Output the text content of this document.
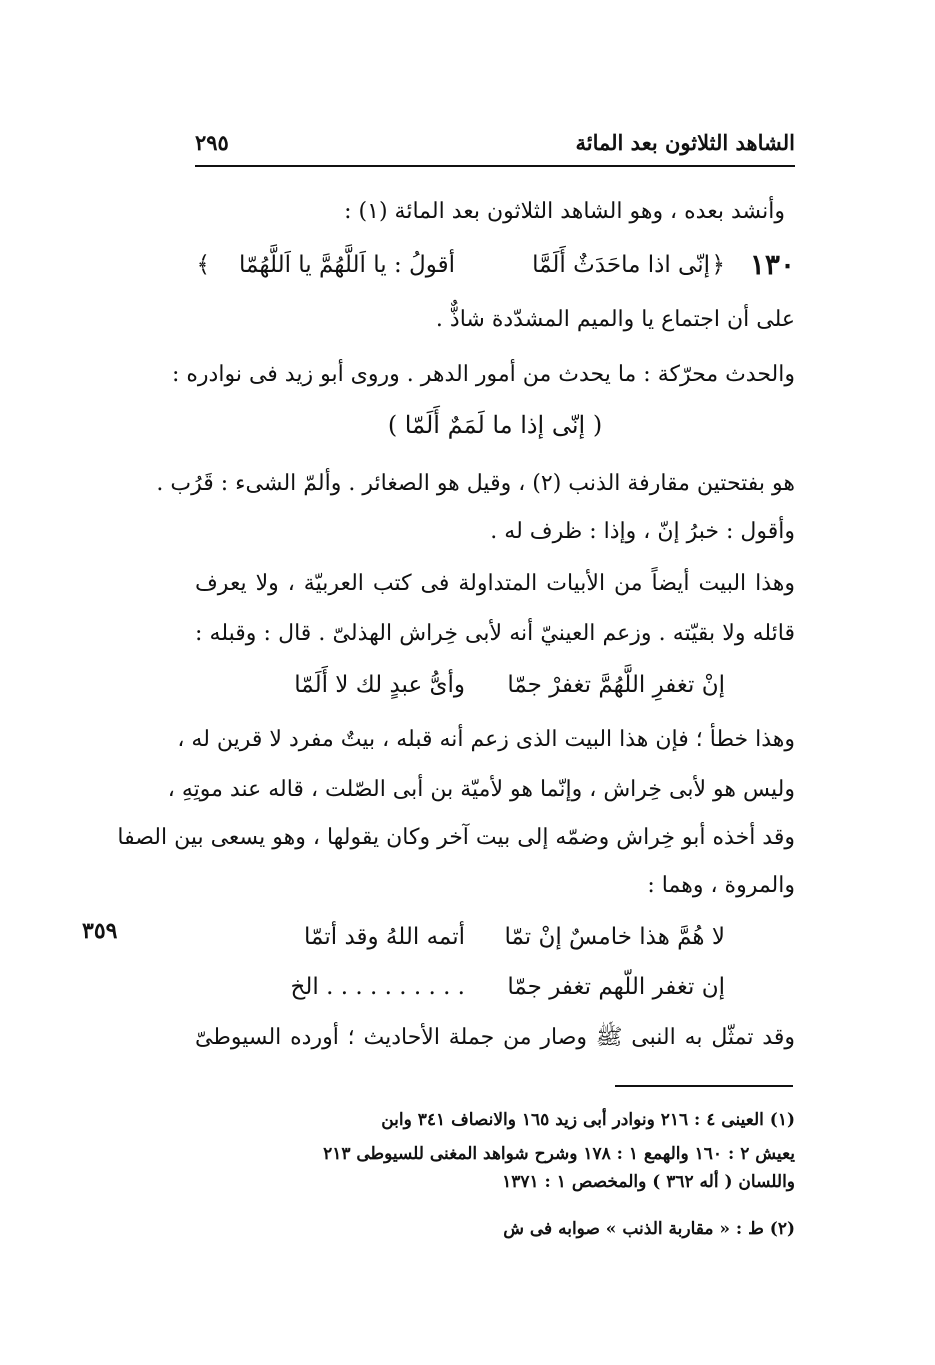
الشاهد الثلاثون بعد المائة
٢٩٥
وأنشد بعده ، وهو الشاهد الثلاثون بعد المائة (١) :
١٣٠
﴿
إنّى اذا ماحَدَثٌ أَلَمَّا
أقولُ : يا اَللَّهُمَّ يا اَللَّهُمّا
﴾
على أن اجتماع يا والميم المشدّدة شاذٌّ .
والحدث محرّكة : ما يحدث من أمور الدهر . وروى أبو زيد فى نوادره :
( إنّى إذا ما لَمَمٌ أَلَمّا )
هو بفتحتين مقارفة الذنب (٢) ، وقيل هو الصغائر . وألمّ الشىء : قَرُب .
وأقول : خبرُ إنّ ، وإذا : ظرف له .
وهذا البيت أيضاً من الأبيات المتداولة فى كتب العربيّة ، ولا يعرف
قائله ولا بقيّته . وزعم العينيّ أنه لأبى خِراش الهذلىّ . قال : وقبله :
إنْ تغفرِ اللَّهُمَّ تغفرْ جمّا
وأىُّ عبدٍ لك لا أَلَمّا
وهذا خطأ ؛ فإن هذا البيت الذى زعم أنه قبله ، بيتٌ مفرد لا قرين له ،
وليس هو لأبى خِراش ، وإنّما هو لأميّة بن أبى الصّلت ، قاله عند موتِهِ ،
وقد أخذه أبو خِراش وضمّه إلى بيت آخر وكان يقولها ، وهو يسعى بين الصفا
والمروة ، وهما :
لا هُمَّ هذا خامسٌ إنْ تمّا
أتمه اللهُ وقد أتمّا
إن تغفر اللّهم تغفر جمّا
. . . . . . . . . . الخ
وقد تمثّل به النبى ﷺ وصار من جملة الأحاديث ؛ أورده السيوطىّ
٣٥٩
(١) العينى ٤ : ٢١٦ ونوادر أبى زيد ١٦٥ والانصاف ٣٤١ وابن
يعيش ٢ : ١٦٠ والهمع ١ : ١٧٨ وشرح شواهد المغنى للسيوطى ٢١٣
واللسان ( أله ٣٦٢ ) والمخصص ١ : ١٣٧١
(٢) ط : « مقاربة الذنب » صوابه فى ش
